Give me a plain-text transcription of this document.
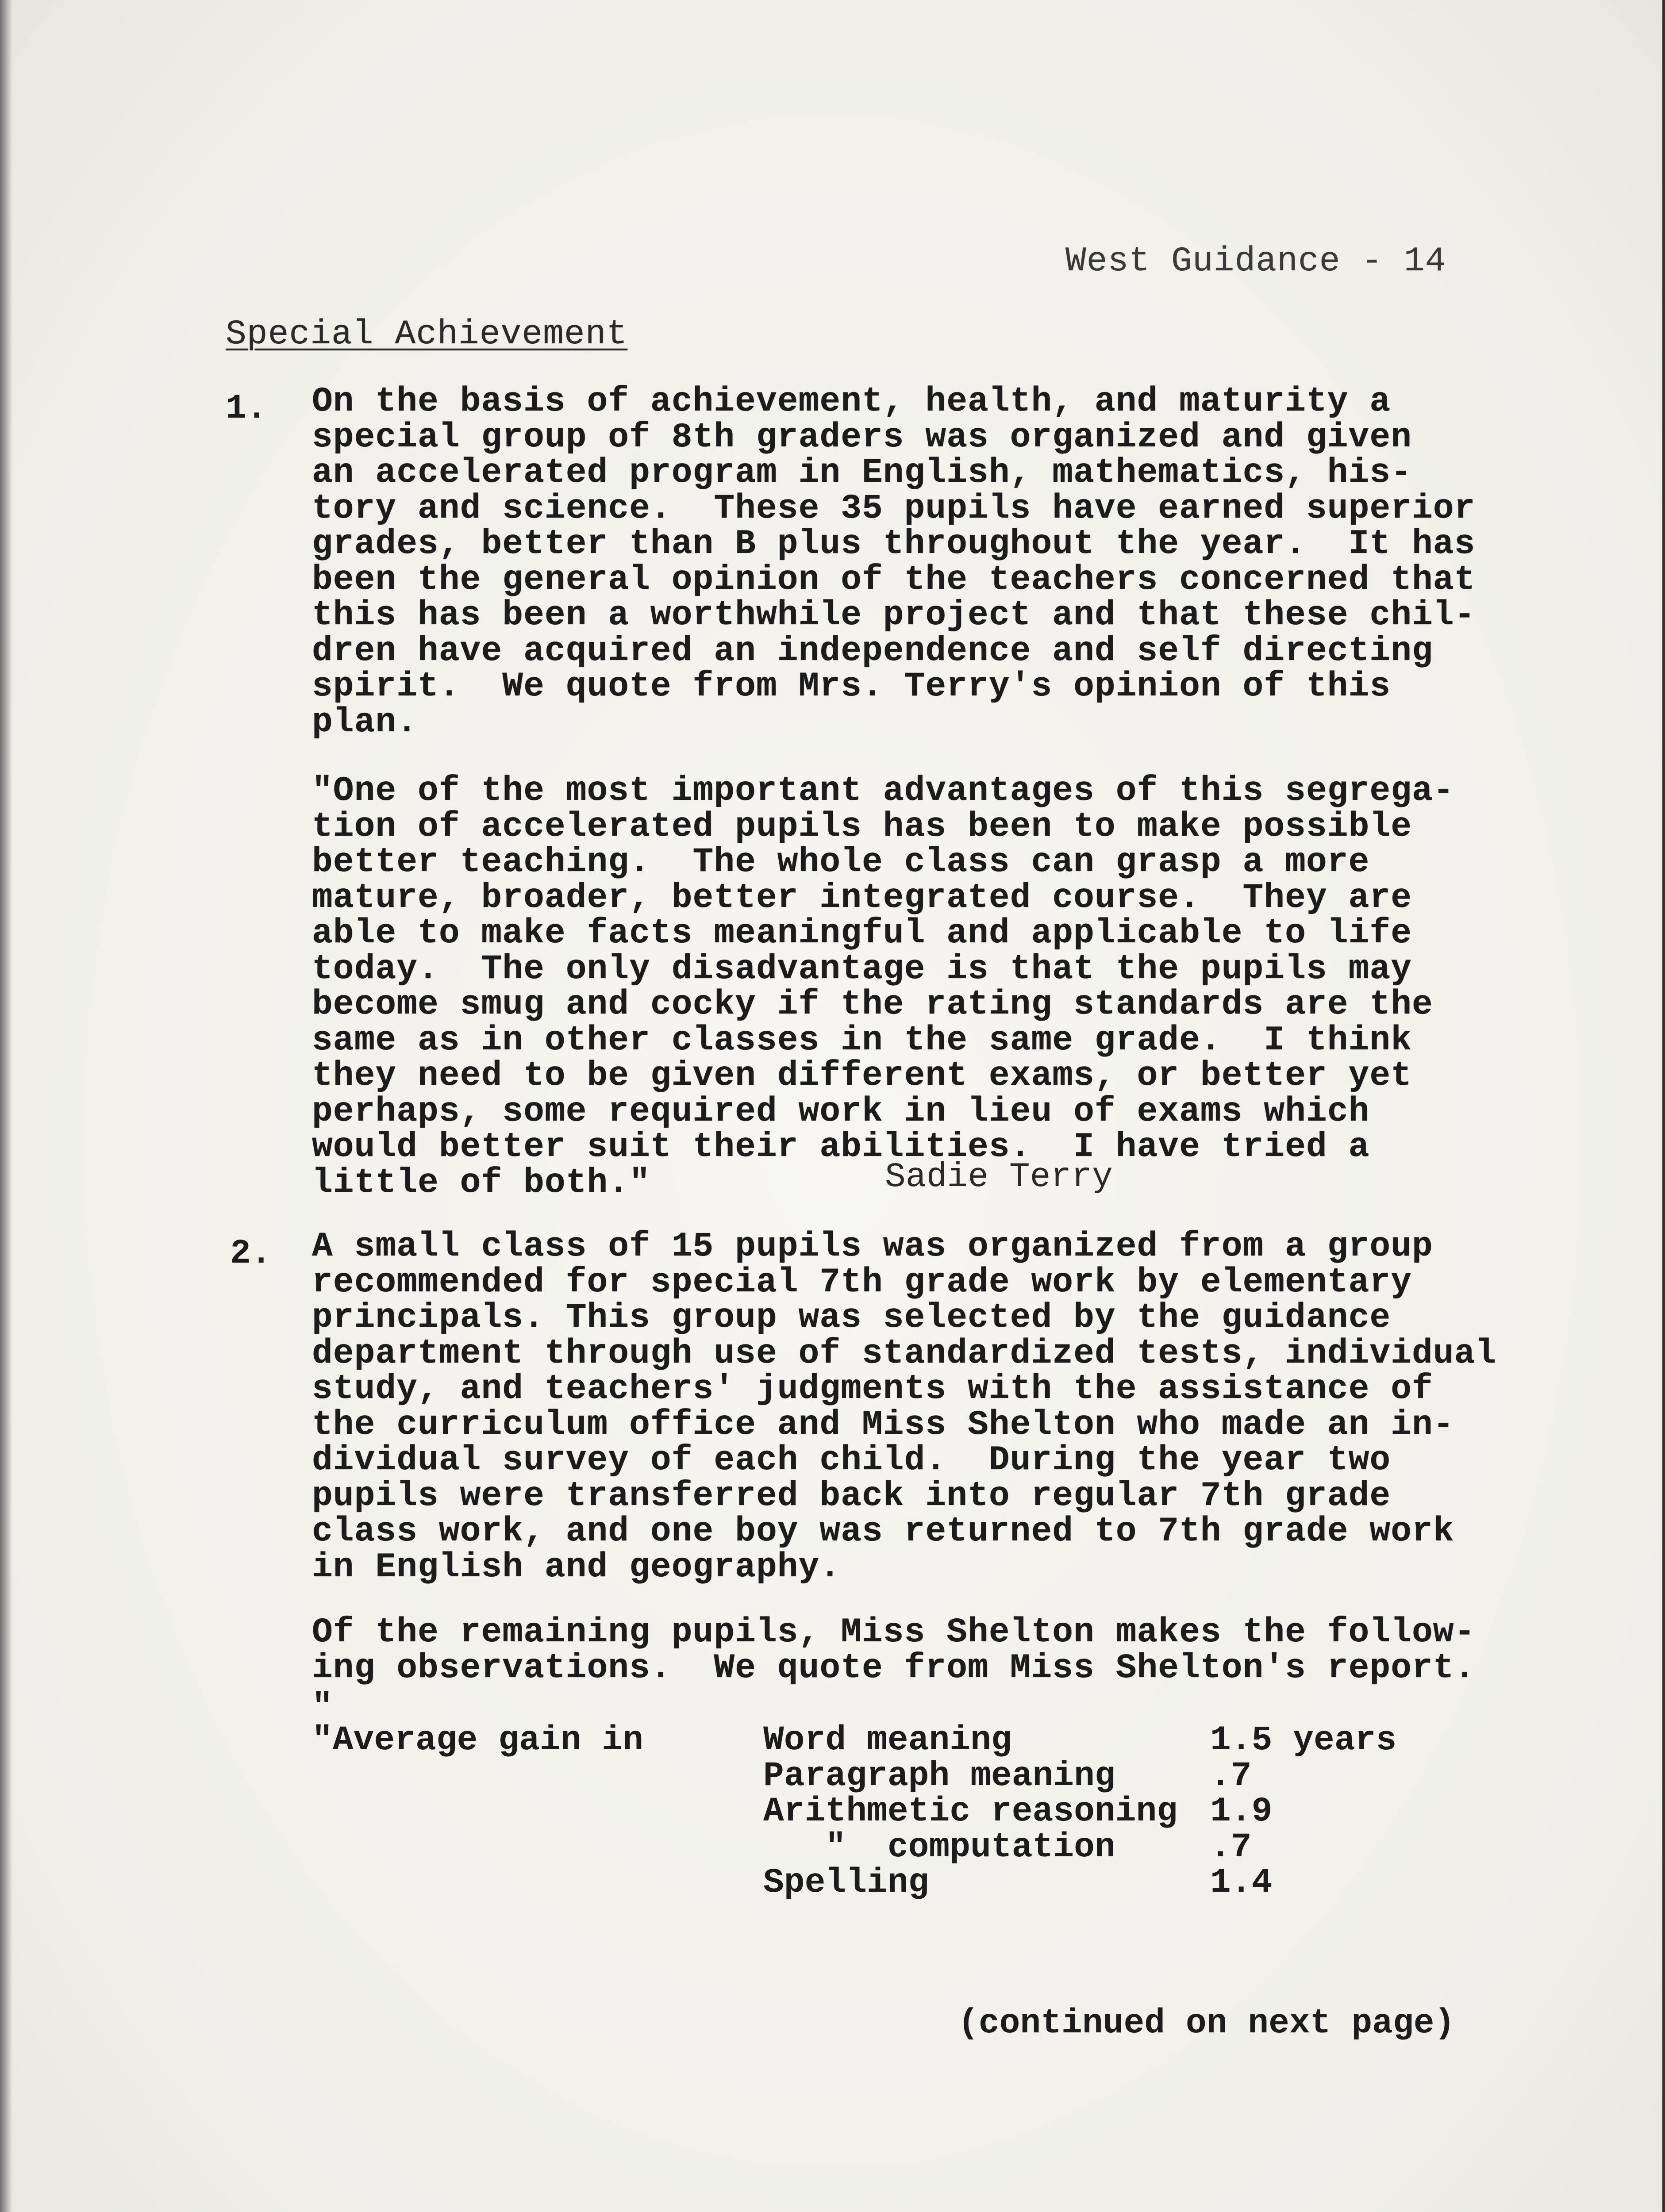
West Guidance - 14
Special Achievement
1. On the basis of achievement, health, and maturity a
special group of 8th graders was organized and given
an accelerated program in English, mathematics, his-
tory and science.  These 35 pupils have earned superior
grades, better than B plus throughout the year.  It has
been the general opinion of the teachers concerned that
this has been a worthwhile project and that these chil-
dren have acquired an independence and self directing
spirit.  We quote from Mrs. Terry's opinion of this
plan.
"One of the most important advantages of this segrega-
tion of accelerated pupils has been to make possible
better teaching.  The whole class can grasp a more
mature, broader, better integrated course.  They are
able to make facts meaningful and applicable to life
today.  The only disadvantage is that the pupils may
become smug and cocky if the rating standards are the
same as in other classes in the same grade.  I think
they need to be given different exams, or better yet
perhaps, some required work in lieu of exams which
would better suit their abilities.  I have tried a
little of both."	Sadie Terry
2. A small class of 15 pupils was organized from a group
recommended for special 7th grade work by elementary
principals. This group was selected by the guidance
department through use of standardized tests, individual
study, and teachers' judgments with the assistance of
the curriculum office and Miss Shelton who made an in-
dividual survey of each child.  During the year two
pupils were transferred back into regular 7th grade
class work, and one boy was returned to 7th grade work
in English and geography.
Of the remaining pupils, Miss Shelton makes the follow-
ing observations.  We quote from Miss Shelton's report.
"
"Average gain in	Word meaning	1.5 years
Paragraph meaning	.7
Arithmetic reasoning 1.9
"  computation	.7
Spelling	1.4
(continued on next page)
